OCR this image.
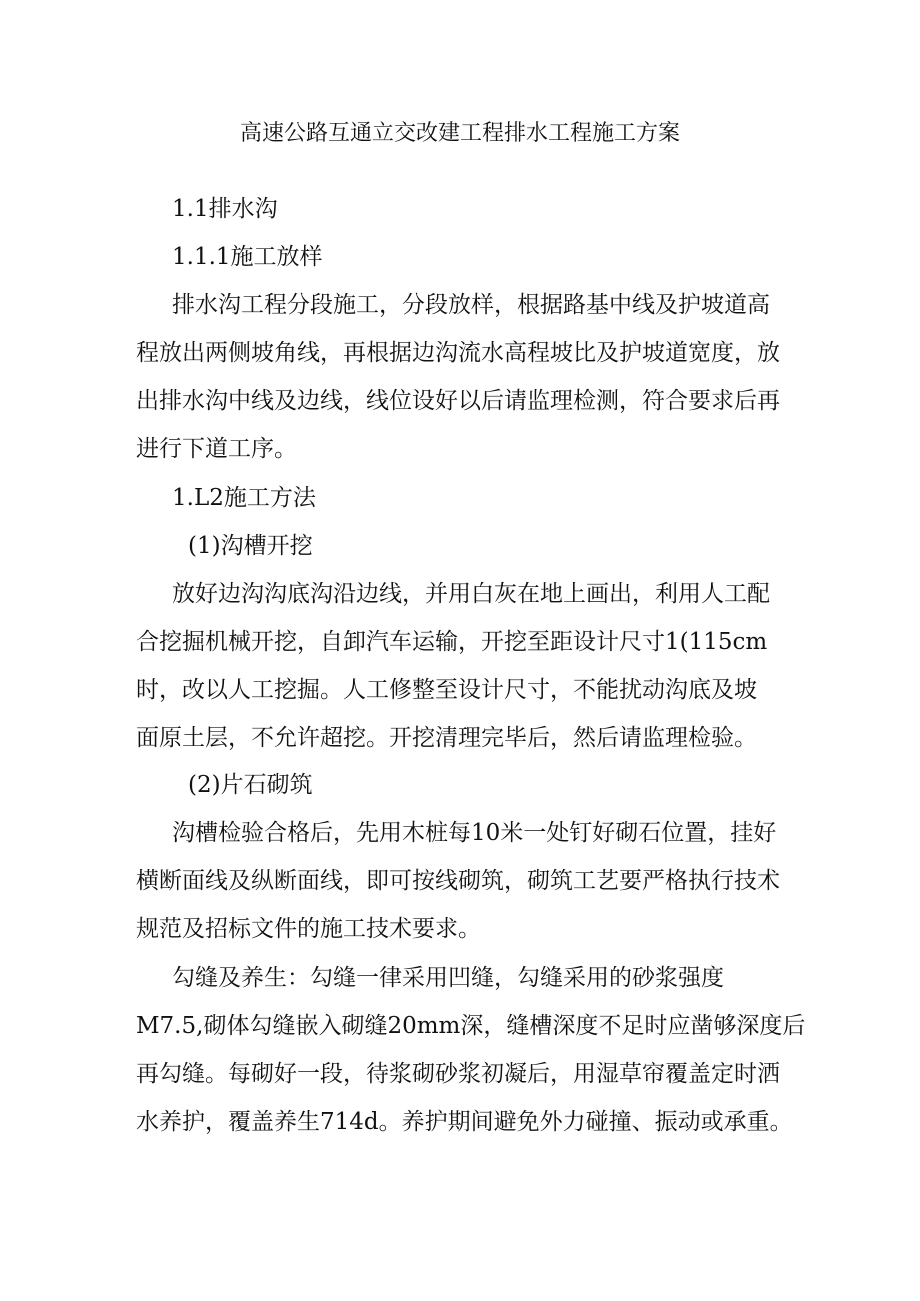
高速公路互通立交改建工程排水工程施工方案
1.1排水沟
1.1.1施工放样
排水沟工程分段施工，分段放样，根据路基中线及护坡道高
程放出两侧坡角线，再根据边沟流水高程坡比及护坡道宽度，放
出排水沟中线及边线，线位设好以后请监理检测，符合要求后再
进行下道工序。
1.L2施工方法
(1)沟槽开挖
放好边沟沟底沟沿边线，并用白灰在地上画出，利用人工配
合挖掘机械开挖，自卸汽车运输，开挖至距设计尺寸1(115cm
时，改以人工挖掘。人工修整至设计尺寸，不能扰动沟底及坡
面原土层，不允许超挖。开挖清理完毕后，然后请监理检验。
(2)片石砌筑
沟槽检验合格后，先用木桩每10米一处钉好砌石位置，挂好
横断面线及纵断面线，即可按线砌筑，砌筑工艺要严格执行技术
规范及招标文件的施工技术要求。
勾缝及养生：勾缝一律采用凹缝，勾缝采用的砂浆强度
M7.5,砌体勾缝嵌入砌缝20mm深，缝槽深度不足时应凿够深度后
再勾缝。每砌好一段，待浆砌砂浆初凝后，用湿草帘覆盖定时洒
水养护，覆盖养生714d。养护期间避免外力碰撞、振动或承重。
